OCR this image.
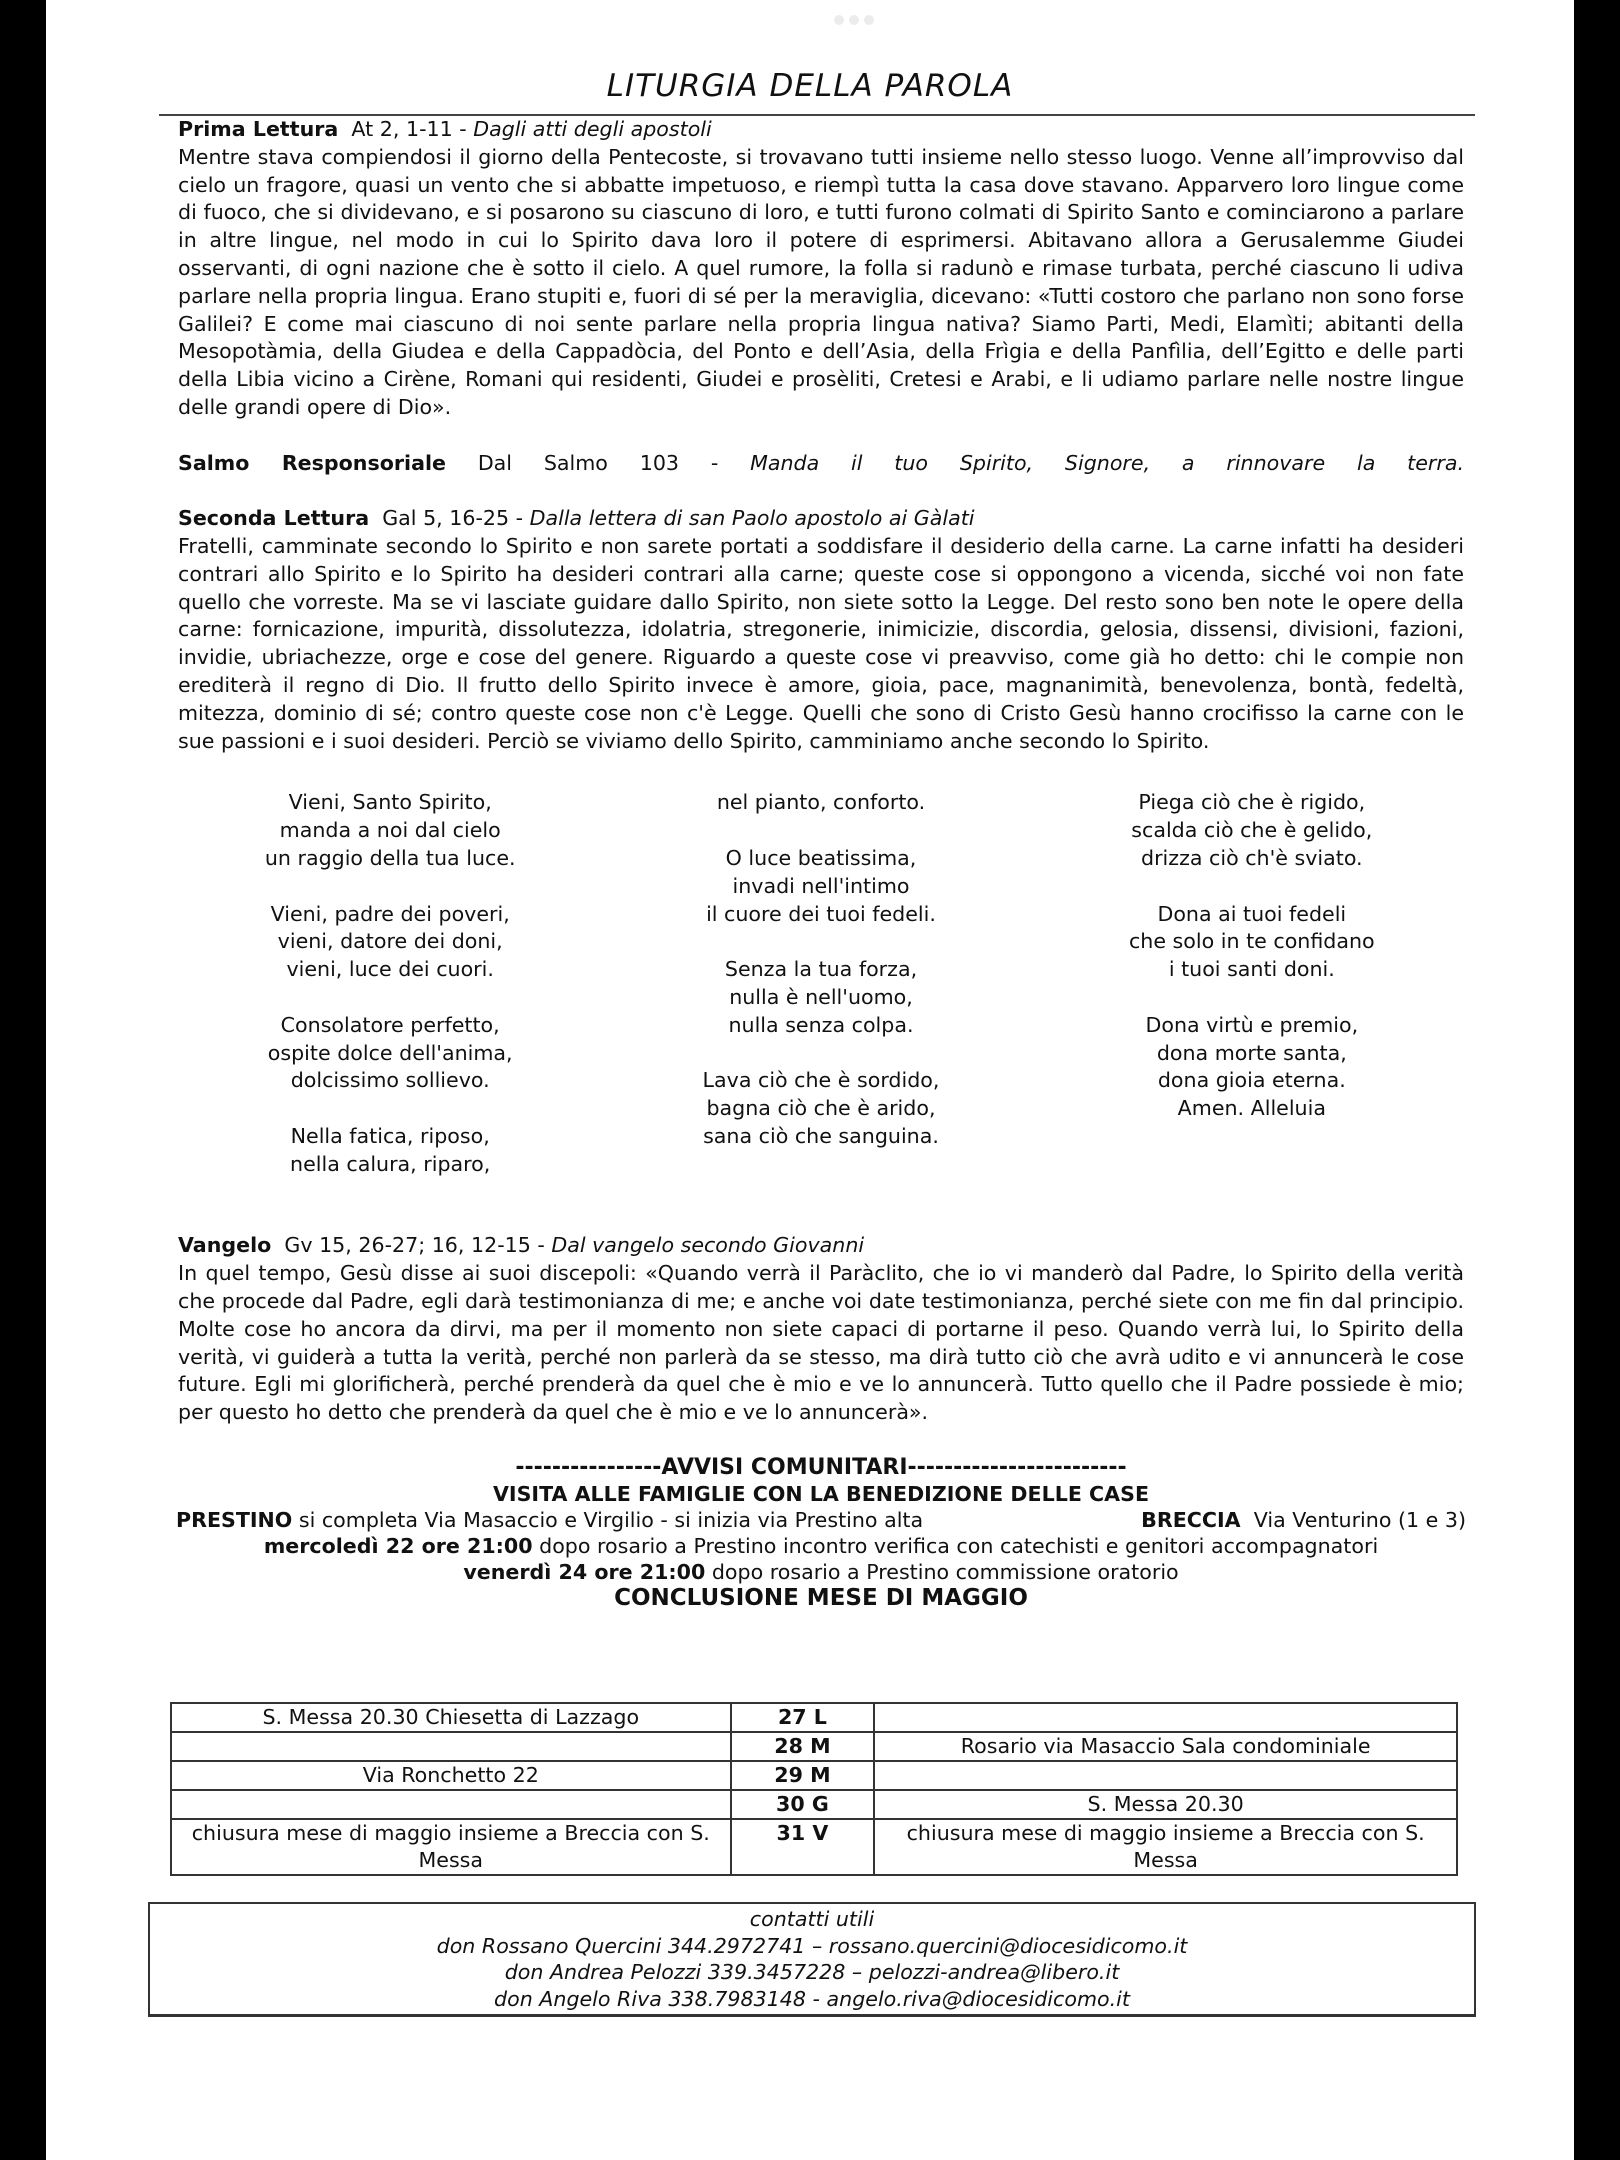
LITURGIA DELLA PAROLA
Prima Lettura At 2, 1-11 - Dagli atti degli apostoli

Mentre stava compiendosi il giorno della Pentecoste, si trovavano tutti insieme nello stesso luogo. Venne all’improvviso dal cielo un fragore, quasi un vento che si abbatte impetuoso, e riempì tutta la casa dove stavano. Apparvero loro lingue come di fuoco, che si dividevano, e si posarono su ciascuno di loro, e tutti furono colmati di Spirito Santo e cominciarono a parlare in altre lingue, nel modo in cui lo Spirito dava loro il potere di esprimersi. Abitavano allora a Gerusalemme Giudei osservanti, di ogni nazione che è sotto il cielo. A quel rumore, la folla si radunò e rimase turbata, perché ciascuno li udiva parlare nella propria lingua. Erano stupiti e, fuori di sé per la meraviglia, dicevano: «Tutti costoro che parlano non sono forse Galilei? E come mai ciascuno di noi sente parlare nella propria lingua nativa? Siamo Parti, Medi, Elamìti; abitanti della Mesopotàmia, della Giudea e della Cappadòcia, del Ponto e dell’Asia, della Frìgia e della Panfìlia, dell’Egitto e delle parti della Libia vicino a Cirène, Romani qui residenti, Giudei e prosèliti, Cretesi e Arabi, e li udiamo parlare nelle nostre lingue delle grandi opere di Dio».

Salmo Responsoriale Dal Salmo 103 - Manda il tuo Spirito, Signore, a rinnovare la terra.

Seconda Lettura Gal 5, 16-25 - Dalla lettera di san Paolo apostolo ai Gàlati

Fratelli, camminate secondo lo Spirito e non sarete portati a soddisfare il desiderio della carne. La carne infatti ha desideri contrari allo Spirito e lo Spirito ha desideri contrari alla carne; queste cose si oppongono a vicenda, sicché voi non fate quello che vorreste. Ma se vi lasciate guidare dallo Spirito, non siete sotto la Legge. Del resto sono ben note le opere della carne: fornicazione, impurità, dissolutezza, idolatria, stregonerie, inimicizie, discordia, gelosia, dissensi, divisioni, fazioni, invidie, ubriachezze, orge e cose del genere. Riguardo a queste cose vi preavviso, come già ho detto: chi le compie non erediterà il regno di Dio. Il frutto dello Spirito invece è amore, gioia, pace, magnanimità, benevolenza, bontà, fedeltà, mitezza, dominio di sé; contro queste cose non c'è Legge. Quelli che sono di Cristo Gesù hanno crocifisso la carne con le sue passioni e i suoi desideri. Perciò se viviamo dello Spirito, camminiamo anche secondo lo Spirito.

Vieni, Santo Spirito,
manda a noi dal cielo
un raggio della tua luce.
Vieni, padre dei poveri,
vieni, datore dei doni,
vieni, luce dei cuori.
Consolatore perfetto,
ospite dolce dell'anima,
dolcissimo sollievo.
Nella fatica, riposo,
nella calura, riparo,
nel pianto, conforto.
O luce beatissima,
invadi nell'intimo
il cuore dei tuoi fedeli.
Senza la tua forza,
nulla è nell'uomo,
nulla senza colpa.
Lava ciò che è sordido,
bagna ciò che è arido,
sana ciò che sanguina.
Piega ciò che è rigido,
scalda ciò che è gelido,
drizza ciò ch'è sviato.
Dona ai tuoi fedeli
che solo in te confidano
i tuoi santi doni.
Dona virtù e premio,
dona morte santa,
dona gioia eterna.
Amen. Alleluia
Vangelo Gv 15, 26-27; 16, 12-15 - Dal vangelo secondo Giovanni

In quel tempo, Gesù disse ai suoi discepoli: «Quando verrà il Paràclito, che io vi manderò dal Padre, lo Spirito della verità che procede dal Padre, egli darà testimonianza di me; e anche voi date testimonianza, perché siete con me fin dal principio. Molte cose ho ancora da dirvi, ma per il momento non siete capaci di portarne il peso. Quando verrà lui, lo Spirito della verità, vi guiderà a tutta la verità, perché non parlerà da se stesso, ma dirà tutto ciò che avrà udito e vi annuncerà le cose future. Egli mi glorificherà, perché prenderà da quel che è mio e ve lo annuncerà. Tutto quello che il Padre possiede è mio; per questo ho detto che prenderà da quel che è mio e ve lo annuncerà».

----------------AVVISI COMUNITARI------------------------
VISITA ALLE FAMIGLIE CON LA BENEDIZIONE DELLE CASE
PRESTINO si completa Via Masaccio e Virgilio - si inizia via Prestino alta	BRECCIA  Via Venturino (1 e 3)
mercoledì 22 ore 21:00 dopo rosario a Prestino incontro verifica con catechisti e genitori accompagnatori
venerdì 24 ore 21:00 dopo rosario a Prestino commissione oratorio
CONCLUSIONE MESE DI MAGGIO
S. Messa 20.30 Chiesetta di Lazzago	27 L	
	28 M	Rosario via Masaccio Sala condominiale
Via Ronchetto 22	29 M	
	30 G	S. Messa 20.30
chiusura mese di maggio insieme a Breccia con S. Messa	31 V	chiusura mese di maggio insieme a Breccia con S. Messa
contatti utili
don Rossano Quercini 344.2972741 – rossano.quercini@diocesidicomo.it
don Andrea Pelozzi 339.3457228 – pelozzi-andrea@libero.it
don Angelo Riva 338.7983148 - angelo.riva@diocesidicomo.it
